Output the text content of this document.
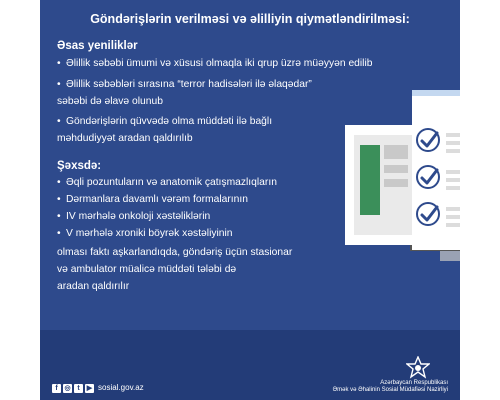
Göndərişlərin verilməsi və əlilliyin qiymətləndirilməsi:
Əsas yeniliklər
• Əlillik səbəbi ümumi və xüsusi olmaqla iki qrup üzrə müəyyən edilib
• Əlillik səbəbləri sırasına “terror hadisələri ilə əlaqədar”
səbəbi də əlavə olunub
• Göndərişlərin qüvvədə olma müddəti ilə bağlı
məhdudiyyət aradan qaldırılıb
Şəxsdə:
• Əqli pozuntuların və anatomik çatışmazlıqların
• Dərmanlara davamlı vərəm formalarının
• IV mərhələ onkoloji xəstəliklərin
• V mərhələ xroniki böyrək xəstəliyinin
olması faktı aşkarlandıqda, göndəriş üçün stasionar
və ambulator müalicə müddəti tələbi də
aradan qaldırılır
f ◎ t	▶ sosial.gov.az	Azərbaycan Respublikası
Əmək və Əhalinin Sosial Müdafiəsi Nazirliyi
